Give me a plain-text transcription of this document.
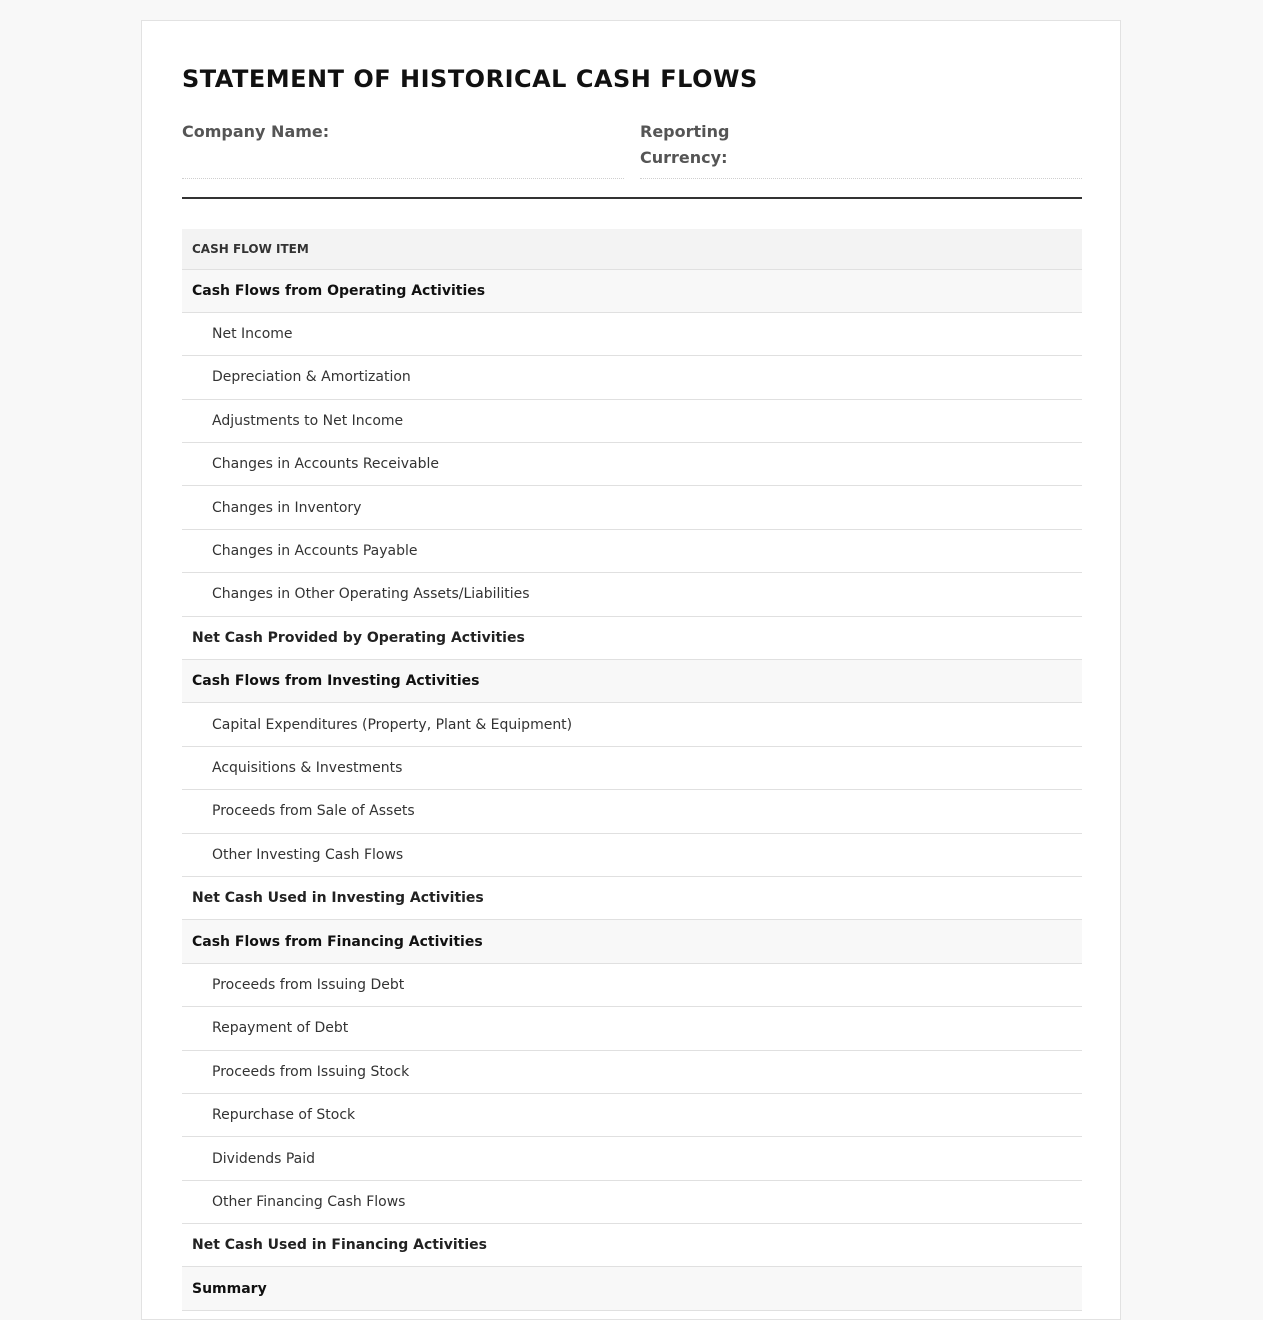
STATEMENT OF HISTORICAL CASH FLOWS
Company Name:	Reporting Currency:
CASH FLOW ITEM
Cash Flows from Operating Activities
Net Income
Depreciation & Amortization
Adjustments to Net Income
Changes in Accounts Receivable
Changes in Inventory
Changes in Accounts Payable
Changes in Other Operating Assets/Liabilities
Net Cash Provided by Operating Activities
Cash Flows from Investing Activities
Capital Expenditures (Property, Plant & Equipment)
Acquisitions & Investments
Proceeds from Sale of Assets
Other Investing Cash Flows
Net Cash Used in Investing Activities
Cash Flows from Financing Activities
Proceeds from Issuing Debt
Repayment of Debt
Proceeds from Issuing Stock
Repurchase of Stock
Dividends Paid
Other Financing Cash Flows
Net Cash Used in Financing Activities
Summary
